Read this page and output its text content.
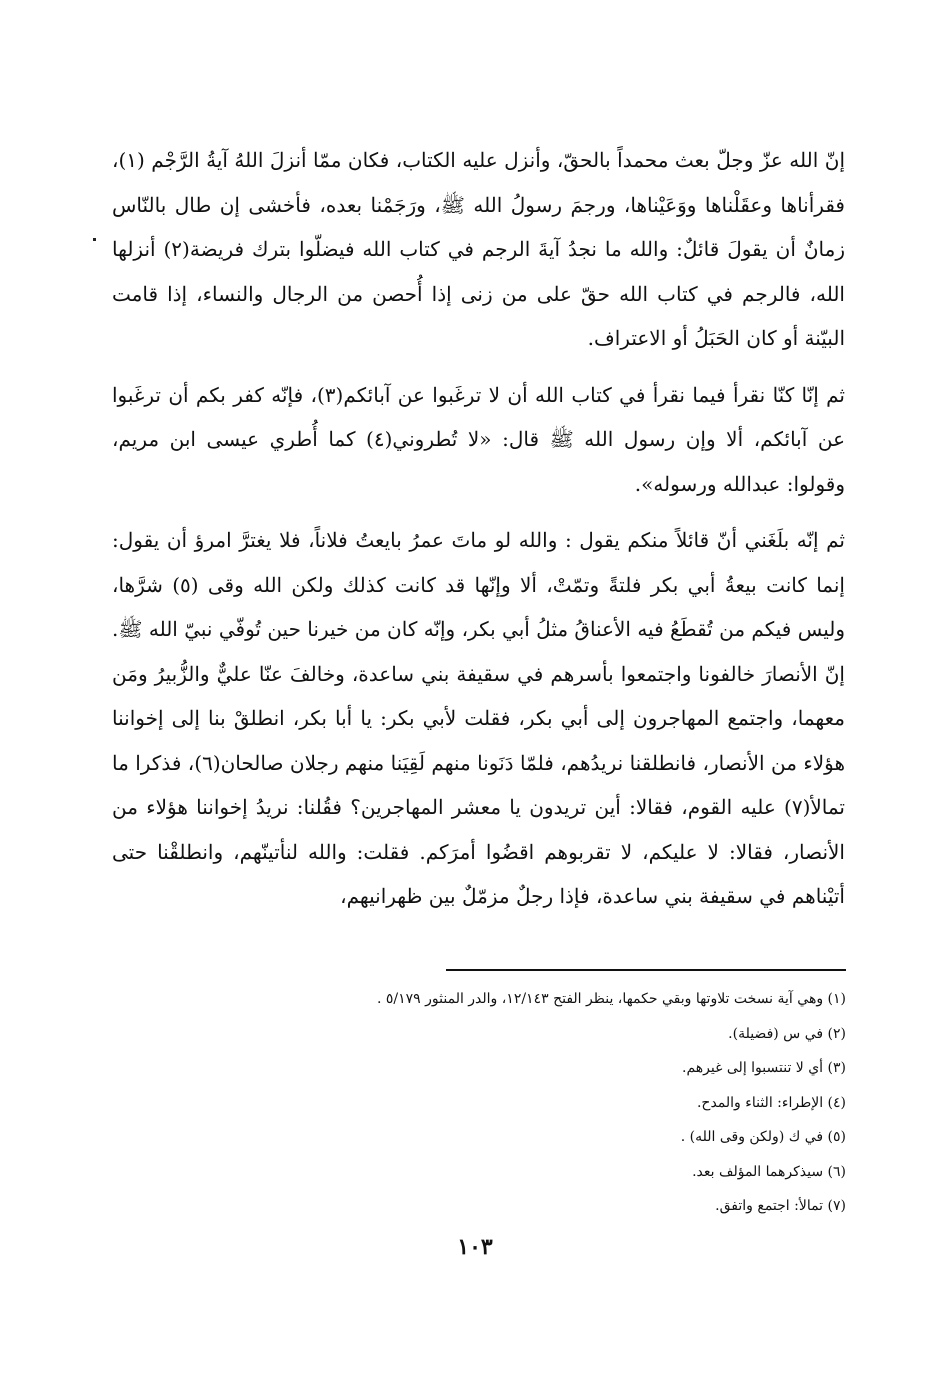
إنّ الله عزّ وجلّ بعث محمداً بالحقّ، وأنزل عليه الكتاب، فكان ممّا أنزلَ اللهُ آيةُ الرَّجْم (١)، فقرأناها وعقَلْناها ووَعَيْناها، ورجمَ رسولُ الله ﷺ، ورَجَمْنا بعده، فأخشى إن طال بالنّاس زمانٌ أن يقولَ قائلٌ: والله ما نجدُ آيةَ الرجم في كتاب الله فيضلّوا بترك فريضة(٢) أنزلها الله، فالرجم في كتاب الله حقّ على من زنى إذا أُحصن من الرجال والنساء، إذا قامت البيّنة أو كان الحَبَلُ أو الاعتراف.

ثم إنّا كنّا نقرأ فيما نقرأ في كتاب الله أن لا ترغَبوا عن آبائكم(٣)، فإنّه كفر بكم أن ترغَبوا عن آبائكم، ألا وإن رسول الله ﷺ قال: «لا تُطروني(٤) كما أُطري عيسى ابن مريم، وقولوا: عبدالله ورسوله».

ثم إنّه بلَغَني أنّ قائلاً منكم يقول : والله لو ماتَ عمرُ بايعتُ فلاناً، فلا يغترَّ امرؤ أن يقول: إنما كانت بيعةُ أبي بكر فلتةً وتمّتْ، ألا وإنّها قد كانت كذلك ولكن الله وقى (٥) شرَّها، وليس فيكم من تُقطَعُ فيه الأعناقُ مثلُ أبي بكر، وإنّه كان من خيرنا حين تُوفّي نبيّ الله ﷺ. إنّ الأنصارَ خالفونا واجتمعوا بأسرهم في سقيفة بني ساعدة، وخالفَ عنّا عليٌّ والزُّبيرُ ومَن معهما، واجتمع المهاجرون إلى أبي بكر، فقلت لأبي بكر: يا أبا بكر، انطلقْ بنا إلى إخواننا هؤلاء من الأنصار، فانطلقنا نريدُهم، فلمّا دَنَونا منهم لَقِيَنا منهم رجلان صالحان(٦)، فذكرا ما تمالأ(٧) عليه القوم، فقالا: أين تريدون يا معشر المهاجرين؟ فقُلنا: نريدُ إخواننا هؤلاء من الأنصار، فقالا: لا عليكم، لا تقربوهم اقضُوا أمرَكم. فقلت: والله لنأتينّهم، وانطلقْنا حتى أتيْناهم في سقيفة بني ساعدة، فإذا رجلٌ مزمّلٌ بين ظهرانيهم،

(١) وهي آية نسخت تلاوتها وبقي حكمها، ينظر الفتح ١٢/١٤٣، والدر المنثور ٥/١٧٩ .
(٢) في س (فضيلة).
(٣) أي لا تنتسبوا إلى غيرهم.
(٤) الإطراء: الثناء والمدح.
(٥) في ك (ولكن وقى الله) .
(٦) سيذكرهما المؤلف بعد.
(٧) تمالأ: اجتمع واتفق.
١٠٣
